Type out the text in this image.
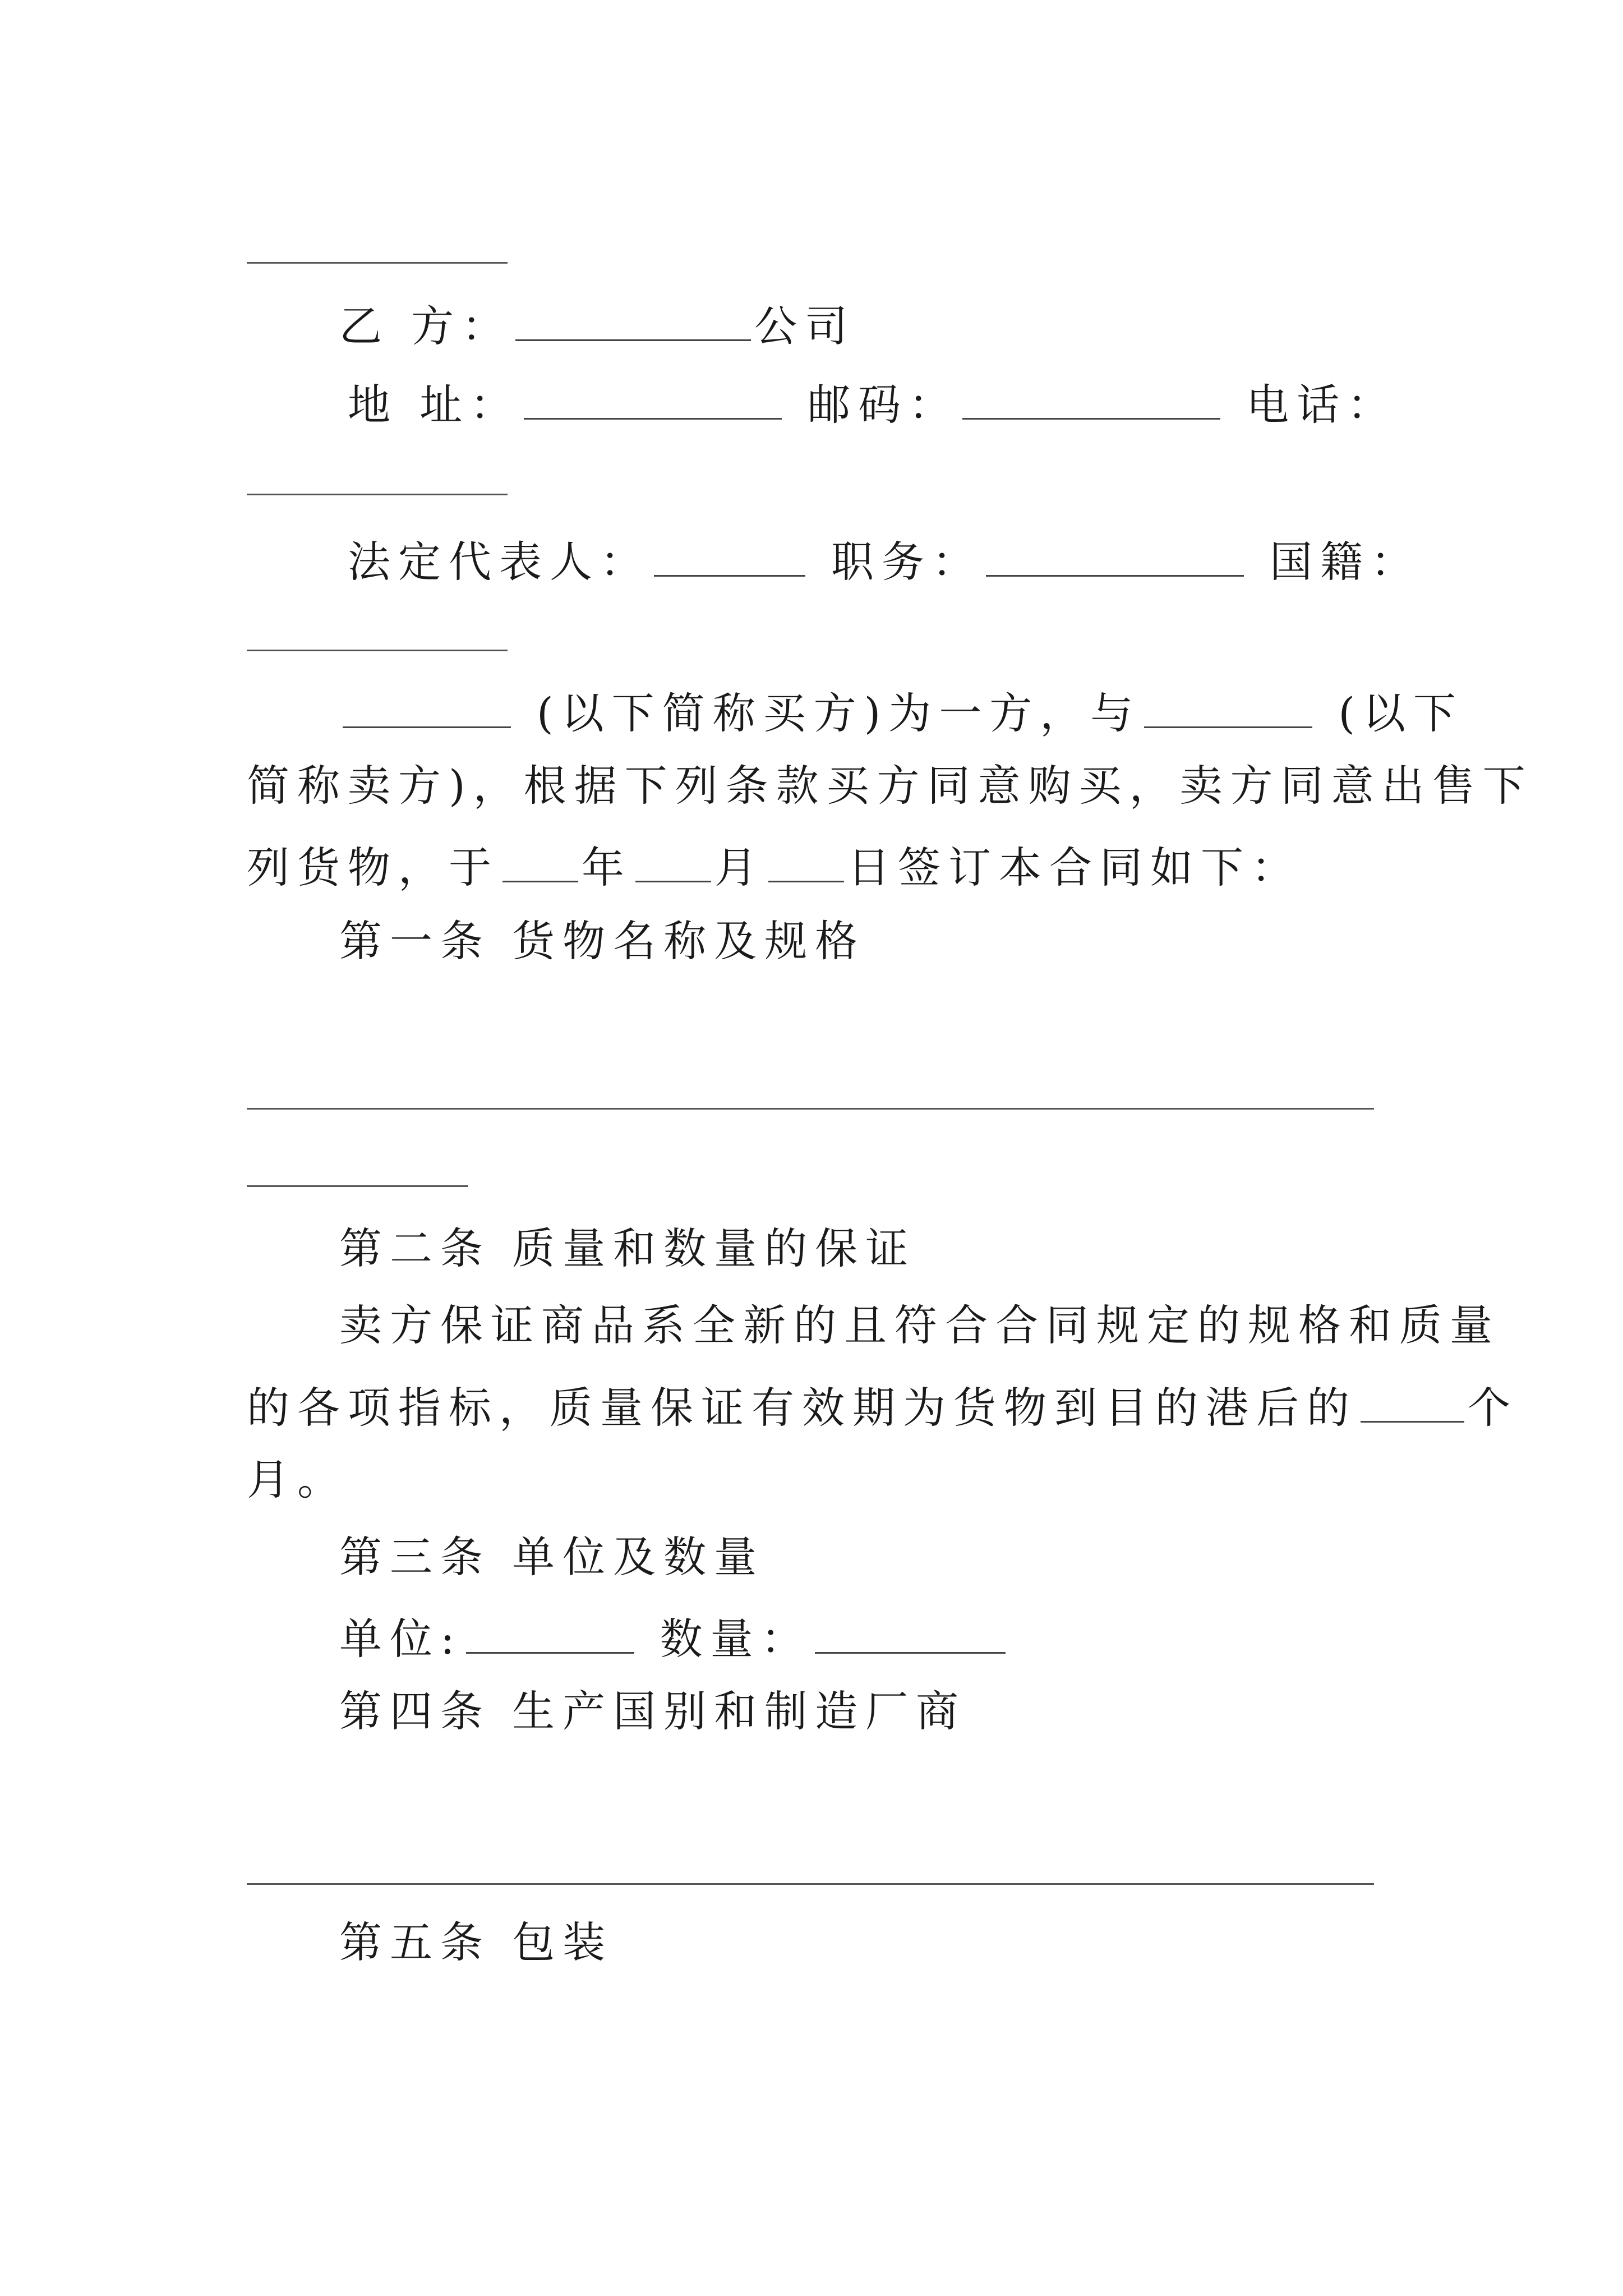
乙 方：	公司
地 址：	邮码：	电话：
法定代表人：	职务：	国籍：
(以下简称买方)为一方，与	(以下
简称卖方)，根据下列条款买方同意购买，卖方同意出售下
列货物，于 年 月 日签订本合同如下：
第一条 货物名称及规格
第二条 质量和数量的保证
卖方保证商品系全新的且符合合同规定的规格和质量
的各项指标，质量保证有效期为货物到目的港后的	个
月。
第三条 单位及数量
单位:	数量：
第四条 生产国别和制造厂商
第五条 包装
